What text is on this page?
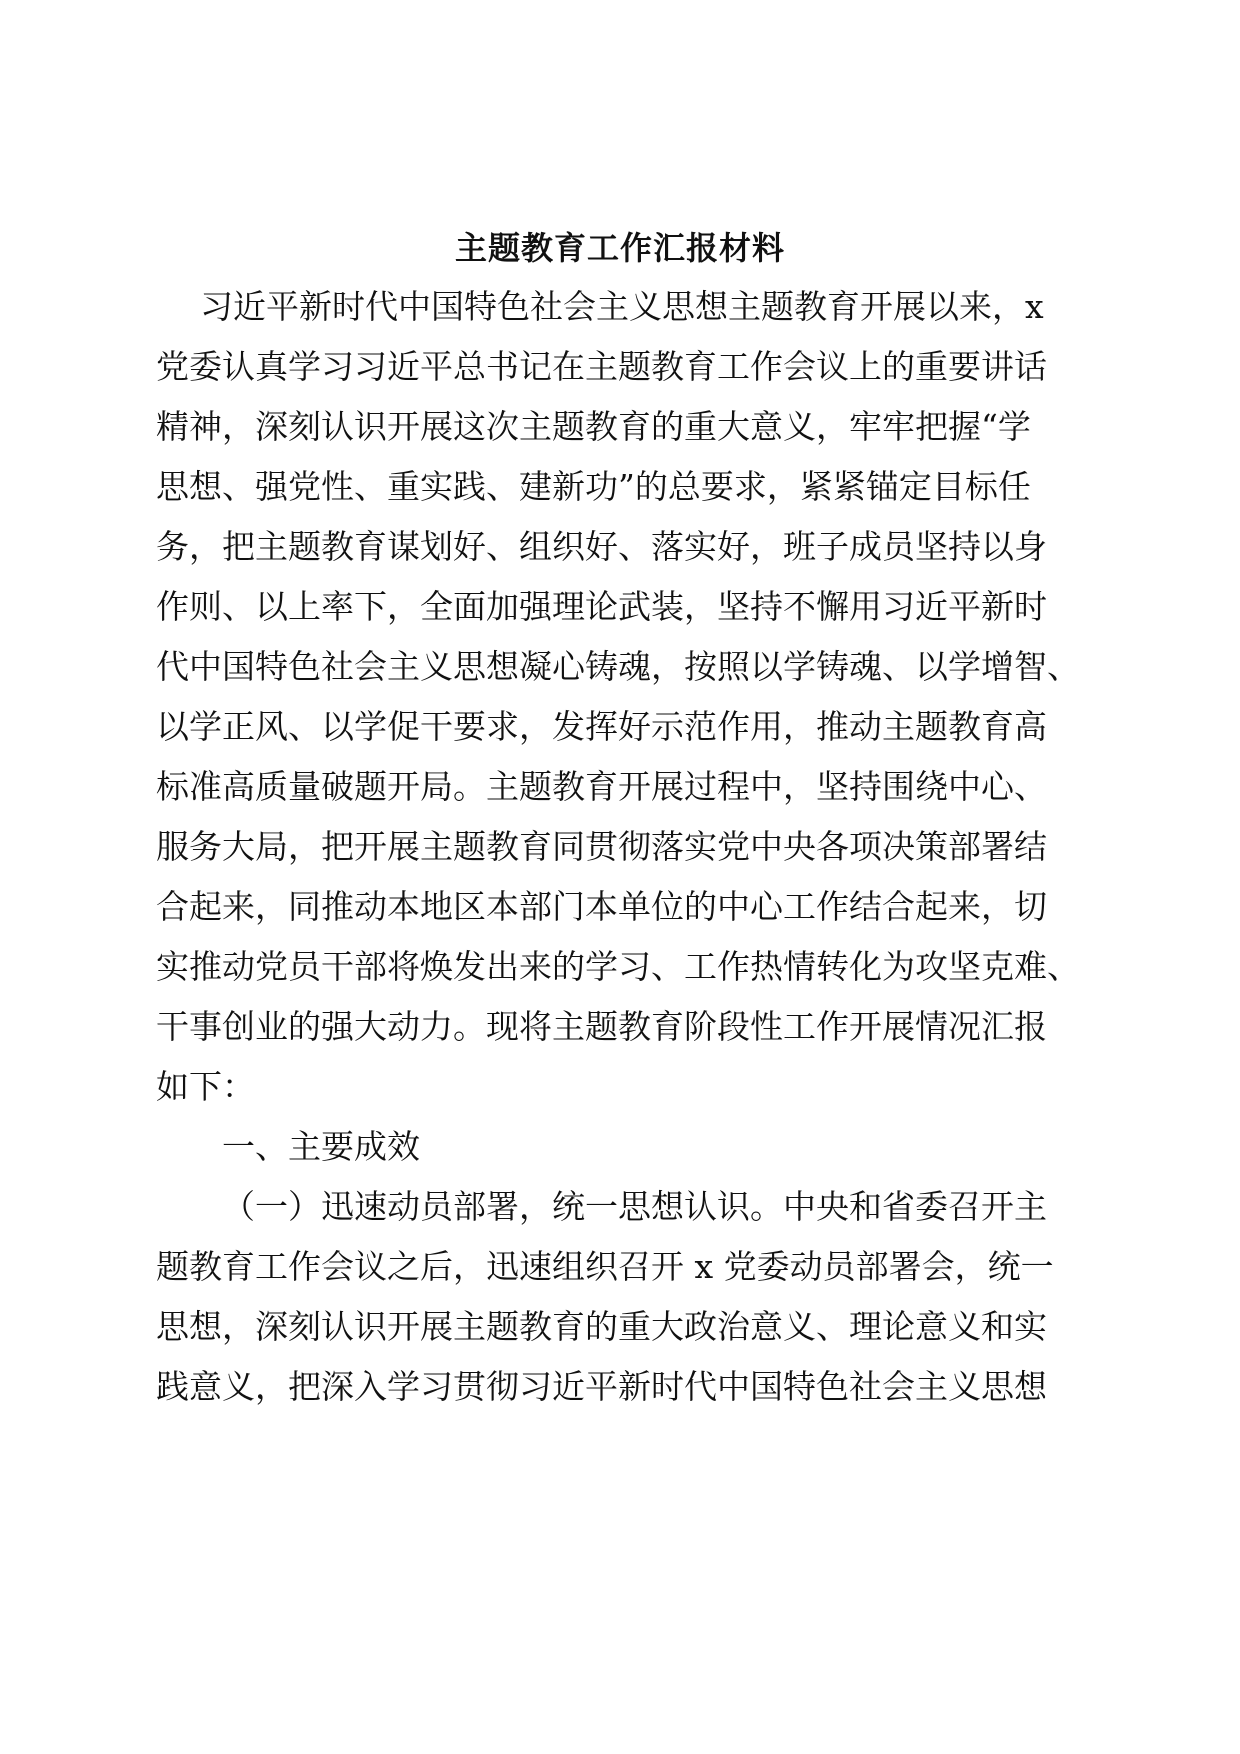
主题教育工作汇报材料
习近平新时代中国特色社会主义思想主题教育开展以来，x
党委认真学习习近平总书记在主题教育工作会议上的重要讲话
精神，深刻认识开展这次主题教育的重大意义，牢牢把握“学
思想、强党性、重实践、建新功”的总要求，紧紧锚定目标任
务，把主题教育谋划好、组织好、落实好，班子成员坚持以身
作则、以上率下，全面加强理论武装，坚持不懈用习近平新时
代中国特色社会主义思想凝心铸魂，按照以学铸魂、以学增智、
以学正风、以学促干要求，发挥好示范作用，推动主题教育高
标准高质量破题开局。主题教育开展过程中，坚持围绕中心、
服务大局，把开展主题教育同贯彻落实党中央各项决策部署结
合起来，同推动本地区本部门本单位的中心工作结合起来，切
实推动党员干部将焕发出来的学习、工作热情转化为攻坚克难、
干事创业的强大动力。现将主题教育阶段性工作开展情况汇报
如下：
一、主要成效
（一）迅速动员部署，统一思想认识。中央和省委召开主
题教育工作会议之后，迅速组织召开 x 党委动员部署会，统一
思想，深刻认识开展主题教育的重大政治意义、理论意义和实
践意义，把深入学习贯彻习近平新时代中国特色社会主义思想
